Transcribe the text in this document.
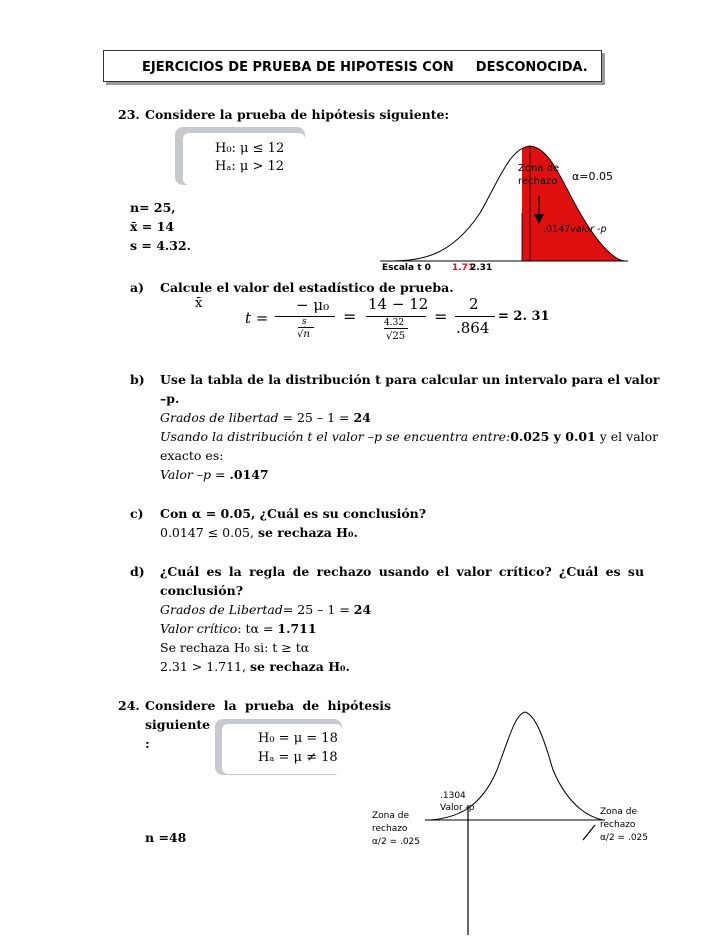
EJERCICIOS DE PRUEBA DE HIPOTESIS CON DESCONOCIDA.
23. Considere la prueba de hipótesis siguiente:
H₀: μ ≤ 12
Hₐ: μ > 12
n= 25,
x̄ = 14
s = 4.32.
Zona de rechazo	α=0.05
.0147valor -p
Escala t 0 1.71
2.31
a) Calcule el valor del estadístico de prueba.
x̄
t =
− μ₀
s
√n
=
14 − 12
4.32
√25
=
2
.864
= 2. 31
b) Use la tabla de la distribución t para calcular un intervalo para el valor
–p.
Grados de libertad = 25 – 1 = 24
Usando la distribución t el valor –p se encuentra entre:0.025 y 0.01 y el valor
exacto es:
Valor –p = .0147
c) Con α = 0.05, ¿Cuál es su conclusión?
0.0147 ≤ 0.05, se rechaza H₀.
d) ¿Cuál es la regla de rechazo usando el valor crítico? ¿Cuál es su
conclusión?
Grados de Libertad= 25 – 1 = 24
Valor crítico: tα = 1.711
Se rechaza H₀ si: t ≥ tα
2.31 > 1.711, se rechaza H₀.
24. Considere la prueba de hipótesis
siguiente
:	H₀ = μ = 18
Hₐ = μ ≠ 18
n =48
.1304
Valor -p
Zona de
rechazo
α/2 = .025
Zona de
rechazo
α/2 = .025
